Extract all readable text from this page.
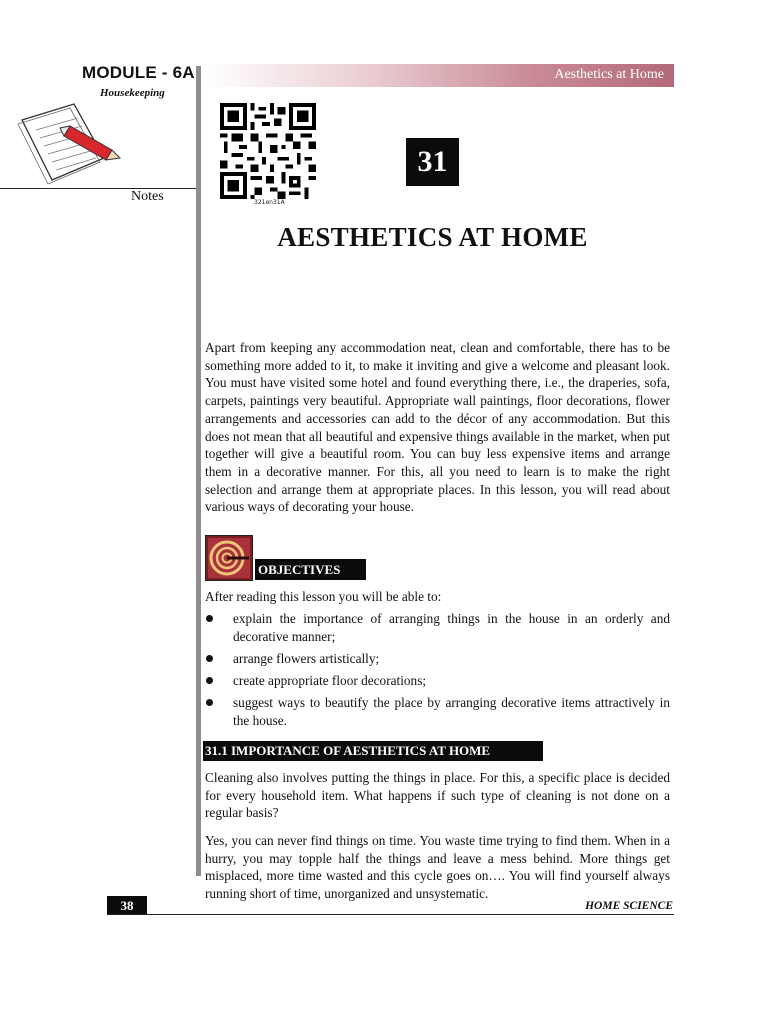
MODULE - 6A
Housekeeping
Notes
Aesthetics at Home
321en31A
31
AESTHETICS AT HOME
Apart from keeping any accommodation neat, clean and comfortable, there has to be something more added to it, to make it inviting and give a welcome and pleasant look. You must have visited some hotel and found everything there, i.e., the draperies, sofa, carpets, paintings very beautiful. Appropriate wall paintings, floor decorations, flower arrangements and accessories can add to the décor of any accommodation. But this does not mean that all beautiful and expensive things available in the market, when put together will give a beautiful room. You can buy less expensive items and arrange them in a decorative manner. For this, all you need to learn is to make the right selection and arrange them at appropriate places. In this lesson, you will read about various ways of decorating your house.
OBJECTIVES
After reading this lesson you will be able to:
explain the importance of arranging things in the house in an orderly and decorative manner;
arrange flowers artistically;
create appropriate floor decorations;
suggest ways to beautify the place by arranging decorative items attractively in the house.
31.1 IMPORTANCE OF AESTHETICS AT HOME
Cleaning also involves putting the things in place. For this, a specific place is decided for every household item. What happens if such type of cleaning is not done on a regular basis?
Yes, you can never find things on time. You waste time trying to find them. When in a hurry, you may topple half the things and leave a mess behind. More things get misplaced, more time wasted and this cycle goes on…. You will find yourself always running short of time, unorganized and unsystematic.
38	HOME SCIENCE
